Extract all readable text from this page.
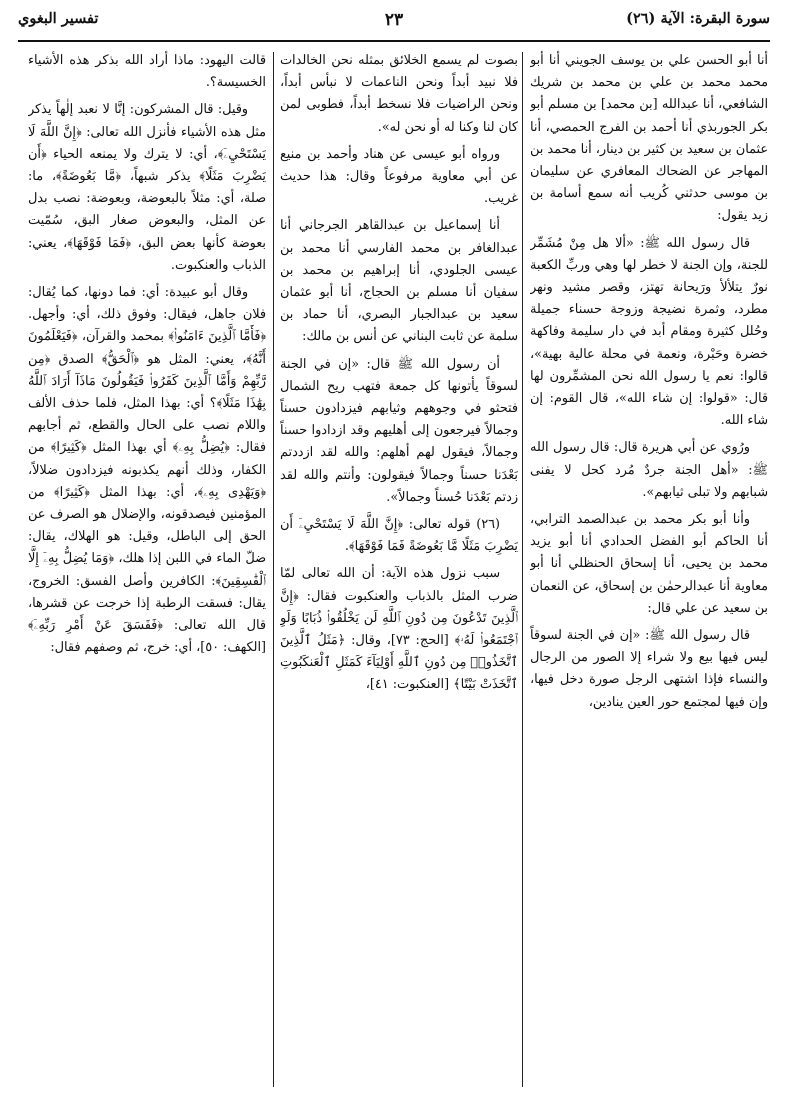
تفسير البغوي	٢٣	سورة البقرة: الآية (٢٦)

أنا أبو الحسن علي بن يوسف الجويني أنا أبو محمد محمد بن علي بن محمد بن شريك الشافعي، أنا عبدالله [بن محمد] بن مسلم أبو بكر الجوربذي أنا أحمد بن الفرج الحمصي، أنا عثمان بن سعيد بن كثير بن دينار، أنا محمد بن المهاجر عن الضحاك المعافري عن سليمان بن موسى حدثني كُريب أنه سمع أسامة بن زيد يقول:

قال رسول الله ﷺ: «ألا هل مِنْ مُشَمِّر للجنة، وإن الجنة لا خطر لها وهي وربِّ الكعبة نورٌ يتلألأ ورَيحانة تهتز، وقصر مشيد ونهر مطرد، وثمرة نضيجة وزوجة حسناء جميلة وحُلل كثيرة ومقام أبد في دار سليمة وفاكهة خضرة وحَبْرة، ونعمة في محلة عالية بهية»، قالوا: نعم يا رسول الله نحن المشمِّرون لها قال: «قولوا: إن شاء الله»، قال القوم: إن شاء الله.

ورُوي عن أبي هريرة قال: قال رسول الله ﷺ: «أهل الجنة جردٌ مُرد كحل لا يفنى شبابهم ولا تبلى ثيابهم».

وأنا أبو بكر محمد بن عبدالصمد الترابي، أنا الحاكم أبو الفضل الحدادي أنا أبو يزيد محمد بن يحيى، أنا إسحاق الحنظلي أنا أبو معاوية أنا عبدالرحمٰن بن إسحاق، عن النعمان بن سعيد عن علي قال:

قال رسول الله ﷺ: «إن في الجنة لسوقاً ليس فيها بيع ولا شراء إلا الصور من الرجال والنساء فإذا اشتهى الرجل صورة دخل فيها، وإن فيها لمجتمع حور العين ينادين،

بصوت لم يسمع الخلائق بمثله نحن الخالدات فلا نبيد أبداً ونحن الناعمات لا نبأس أبداً، ونحن الراضيات فلا نسخط أبداً، فطوبى لمن كان لنا وكنا له أو نحن له».

ورواه أبو عيسى عن هناد وأحمد بن منيع عن أبي معاوية مرفوعاً وقال: هذا حديث غريب.

أنا إسماعيل بن عبدالقاهر الجرجاني أنا عبدالغافر بن محمد الفارسي أنا محمد بن عيسى الجلودي، أنا إبراهيم بن محمد بن سفيان أنا مسلم بن الحجاج، أنا أبو عثمان سعيد بن عبدالجبار البصري، أنا حماد بن سلمة عن ثابت البناني عن أنس بن مالك:

أن رسول الله ﷺ قال: «إن في الجنة لسوقاً يأتونها كل جمعة فتهب ريح الشمال فتحثو في وجوههم وثيابهم فيزدادون حسناً وجمالاً فيرجعون إلى أهليهم وقد ازدادوا حسناً وجمالاً، فيقول لهم أهلهم: والله لقد ازددتم بَعْدَنا حسناً وجمالاً فيقولون: وأنتم والله لقد زدتم بَعْدَنا حُسناً وجمالاً».

(٢٦) قوله تعالى: ﴿إِنَّ اللَّهَ لَا يَسْتَحْيِۦٓ أَن يَضْرِبَ مَثَلًا مَّا بَعُوضَةً فَمَا فَوْقَهَا﴾.

سبب نزول هذه الآية: أن الله تعالى لمّا ضرب المثل بالذباب والعنكبوت فقال: ﴿إِنَّ ٱلَّذِينَ تَدْعُونَ مِن دُونِ ٱللَّهِ لَن يَخْلُقُوا۟ ذُبَابًا وَلَوِ ٱجْتَمَعُوا۟ لَهُۥ﴾ [الحج: ٧٣]، وقال: ﴿مَثَلُ ٱلَّذِينَ ٱتَّخَذُوا۟ مِن دُونِ ٱللَّهِ أَوْلِيَآءَ كَمَثَلِ ٱلْعَنكَبُوتِ ٱتَّخَذَتْ بَيْتًا﴾ [العنكبوت: ٤١]،

قالت اليهود: ماذا أراد الله بذكر هذه الأشياء الخسيسة؟.

وقيل: قال المشركون: إنَّا لا نعبد إلٰهاً يذكر مثل هذه الأشياء فأنزل الله تعالى: ﴿إِنَّ اللَّهَ لَا يَسْتَحْيِۦٓ﴾، أي: لا يترك ولا يمنعه الحياء ﴿أَن يَضْرِبَ مَثَلًا﴾ يذكر شبهاً، ﴿مَّا بَعُوضَةً﴾، ما: صلة، أي: مثلاً بالبعوضة، وبعوضة: نصب بدل عن المثل، والبعوض صغار البق، سُمّيت بعوضة كأنها بعض البق، ﴿فَمَا فَوْقَهَا﴾، يعني: الذباب والعنكبوت.

وقال أبو عبيدة: أي: فما دونها، كما يُقال: فلان جاهل، فيقال: وفوق ذلك، أي: وأجهل. ﴿فَأَمَّا ٱلَّذِينَ ءَامَنُوا۟﴾ بمحمد والقرآن، ﴿فَيَعْلَمُونَ أَنَّهُ﴾، يعني: المثل هو ﴿ٱلْحَقُّ﴾ الصدق ﴿مِن رَّبِّهِمْ وَأَمَّا ٱلَّذِينَ كَفَرُوا۟ فَيَقُولُونَ مَاذَآ أَرَادَ ٱللَّهُ بِهَٰذَا مَثَلًا﴾؟ أي: بهذا المثل، فلما حذف الألف واللام نصب على الحال والقطع، ثم أجابهم فقال: ﴿يُضِلُّ بِهِۦ﴾ أي بهذا المثل ﴿كَثِيرًا﴾ من الكفار، وذلك أنهم يكذبونه فيزدادون ضلالاً، ﴿وَيَهْدِى بِهِۦ﴾، أي: بهذا المثل ﴿كَثِيرًا﴾ من المؤمنين فيصدقونه، والإضلال هو الصرف عن الحق إلى الباطل، وقيل: هو الهلاك، يقال: ضلّ الماء في اللبن إذا هلك، ﴿وَمَا يُضِلُّ بِهِۦٓ إِلَّا ٱلْفَٰسِقِينَ﴾: الكافرين وأصل الفسق: الخروج، يقال: فسقت الرطبة إذا خرجت عن قشرها، قال الله تعالى: ﴿فَفَسَقَ عَنْ أَمْرِ رَبِّهِۦٓ﴾ [الكهف: ٥٠]، أي: خرج، ثم وصفهم فقال:
